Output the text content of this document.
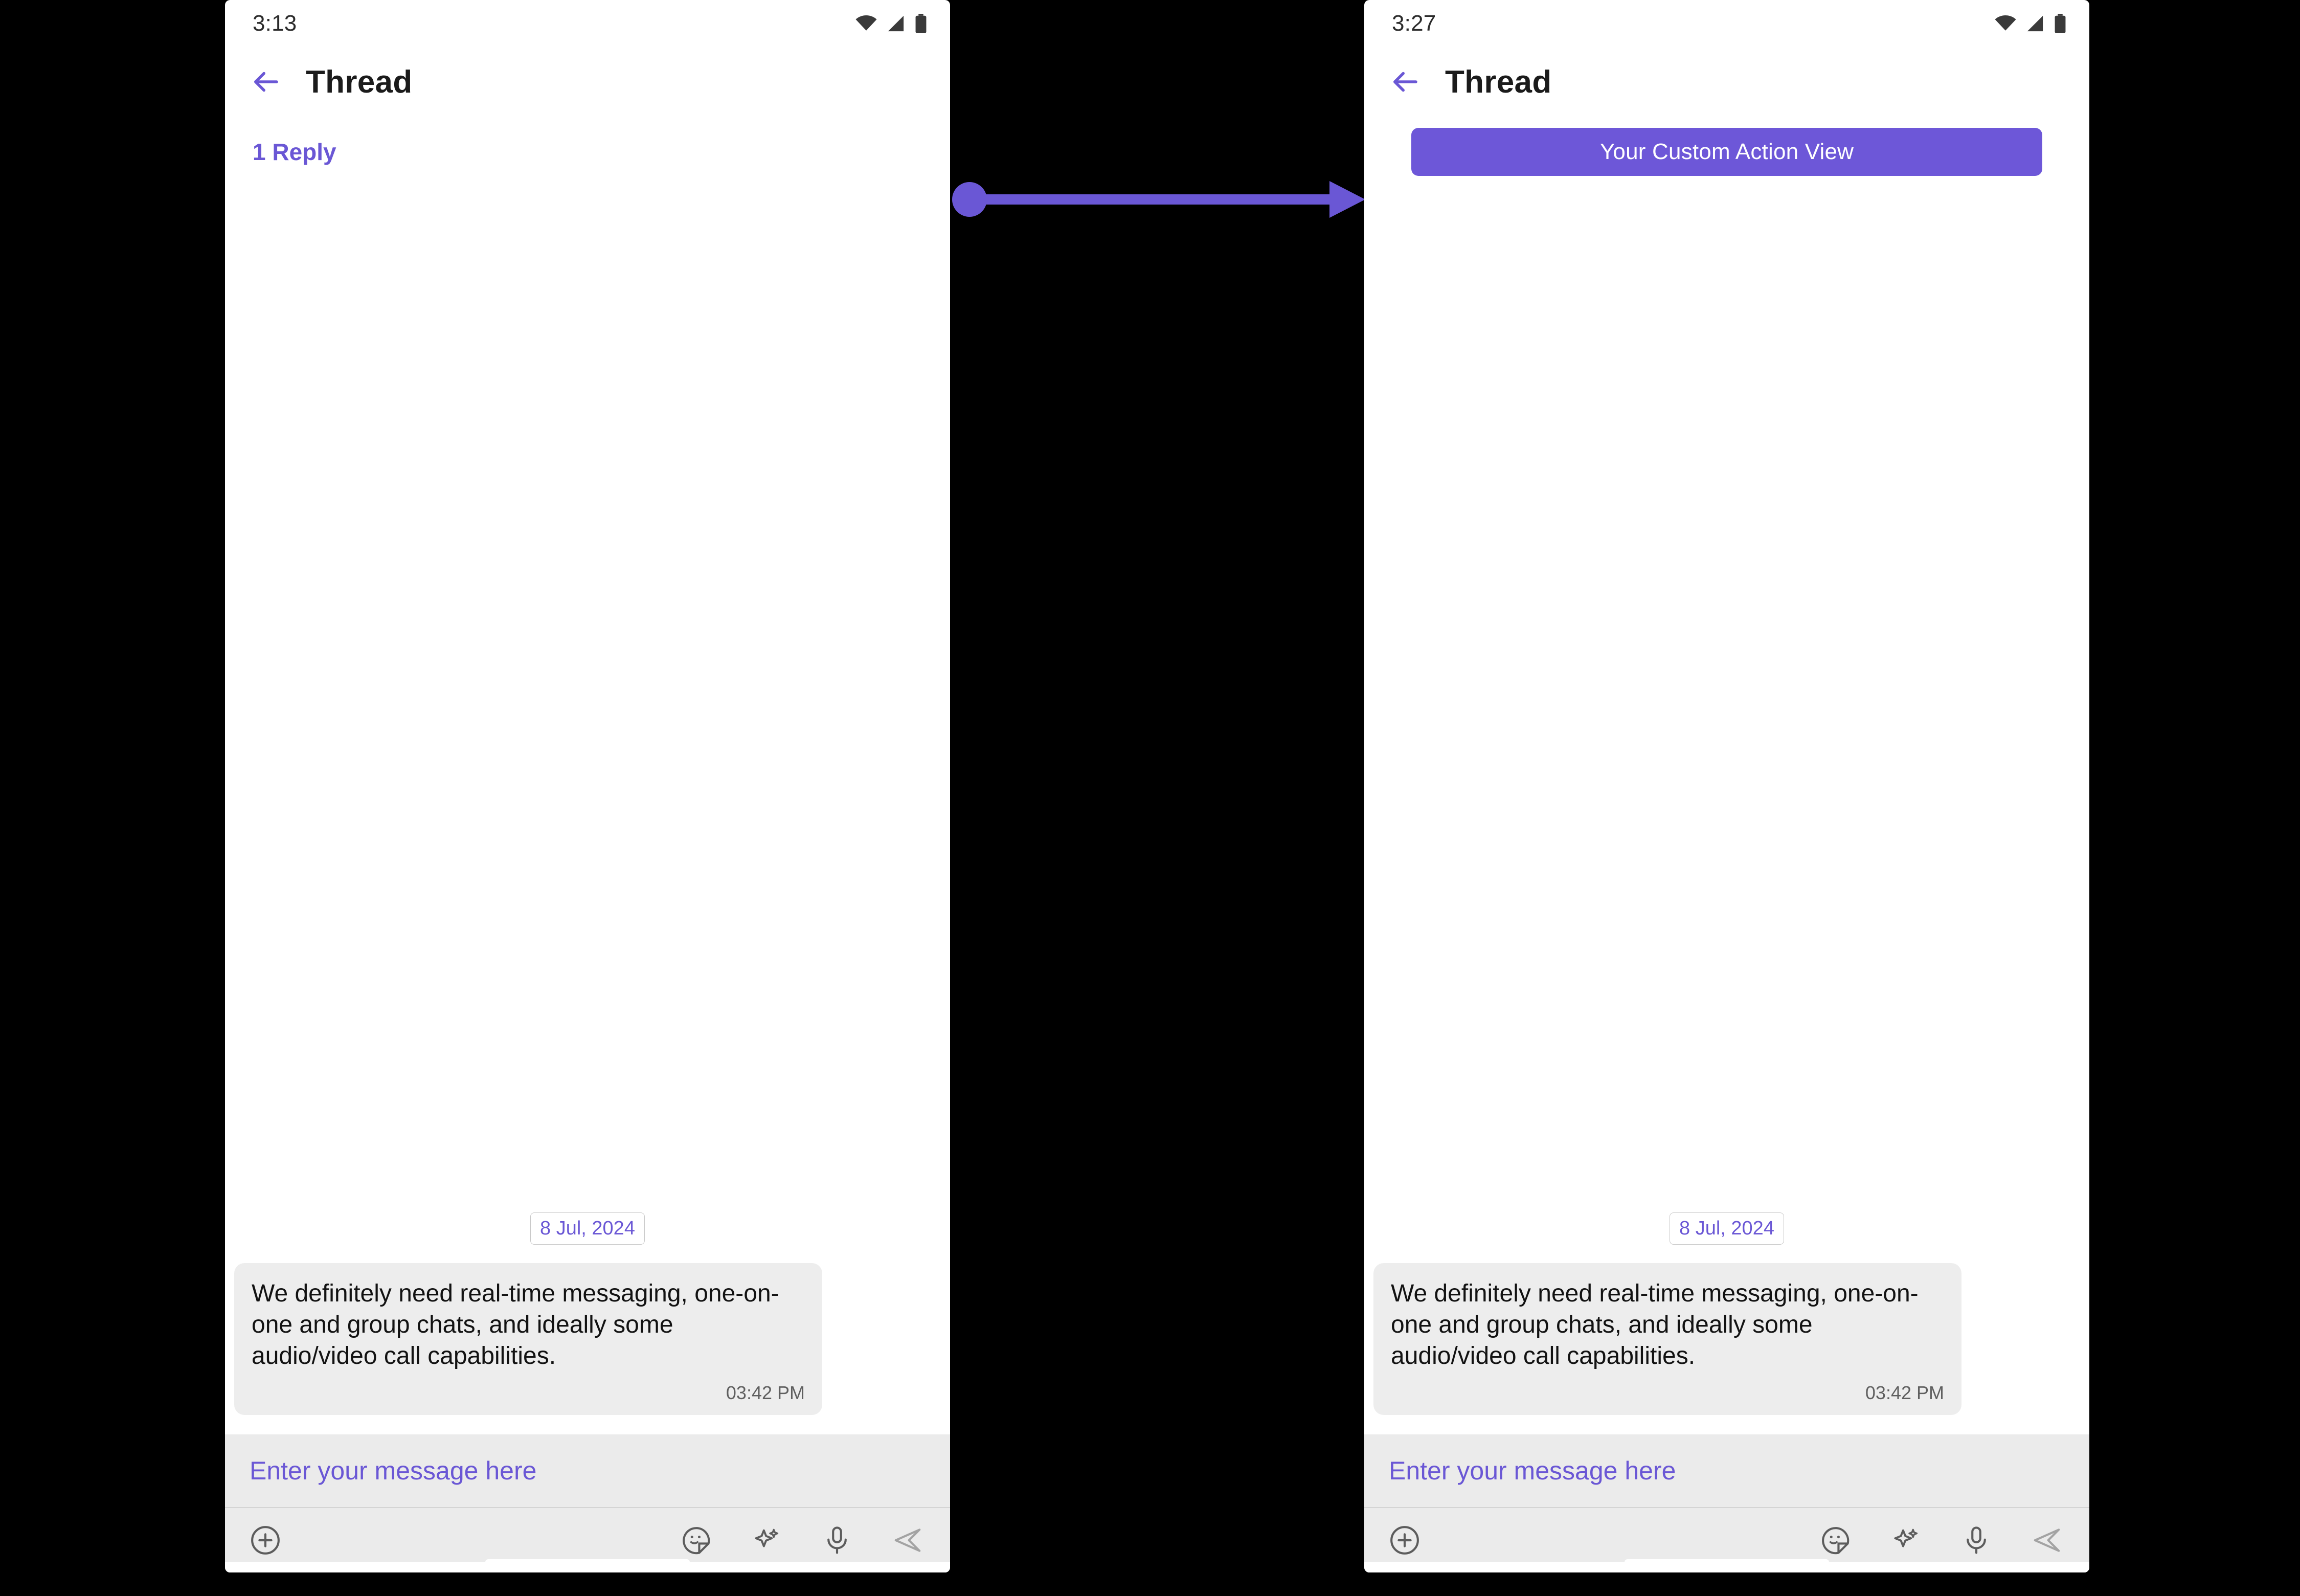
3:13
Thread
1 Reply
8 Jul, 2024
We definitely need real-time messaging, one-on-one and group chats, and ideally some audio/video call capabilities.
03:42 PM
Enter your message here
3:27
Thread
Your Custom Action View
8 Jul, 2024
We definitely need real-time messaging, one-on-one and group chats, and ideally some audio/video call capabilities.
03:42 PM
Enter your message here
